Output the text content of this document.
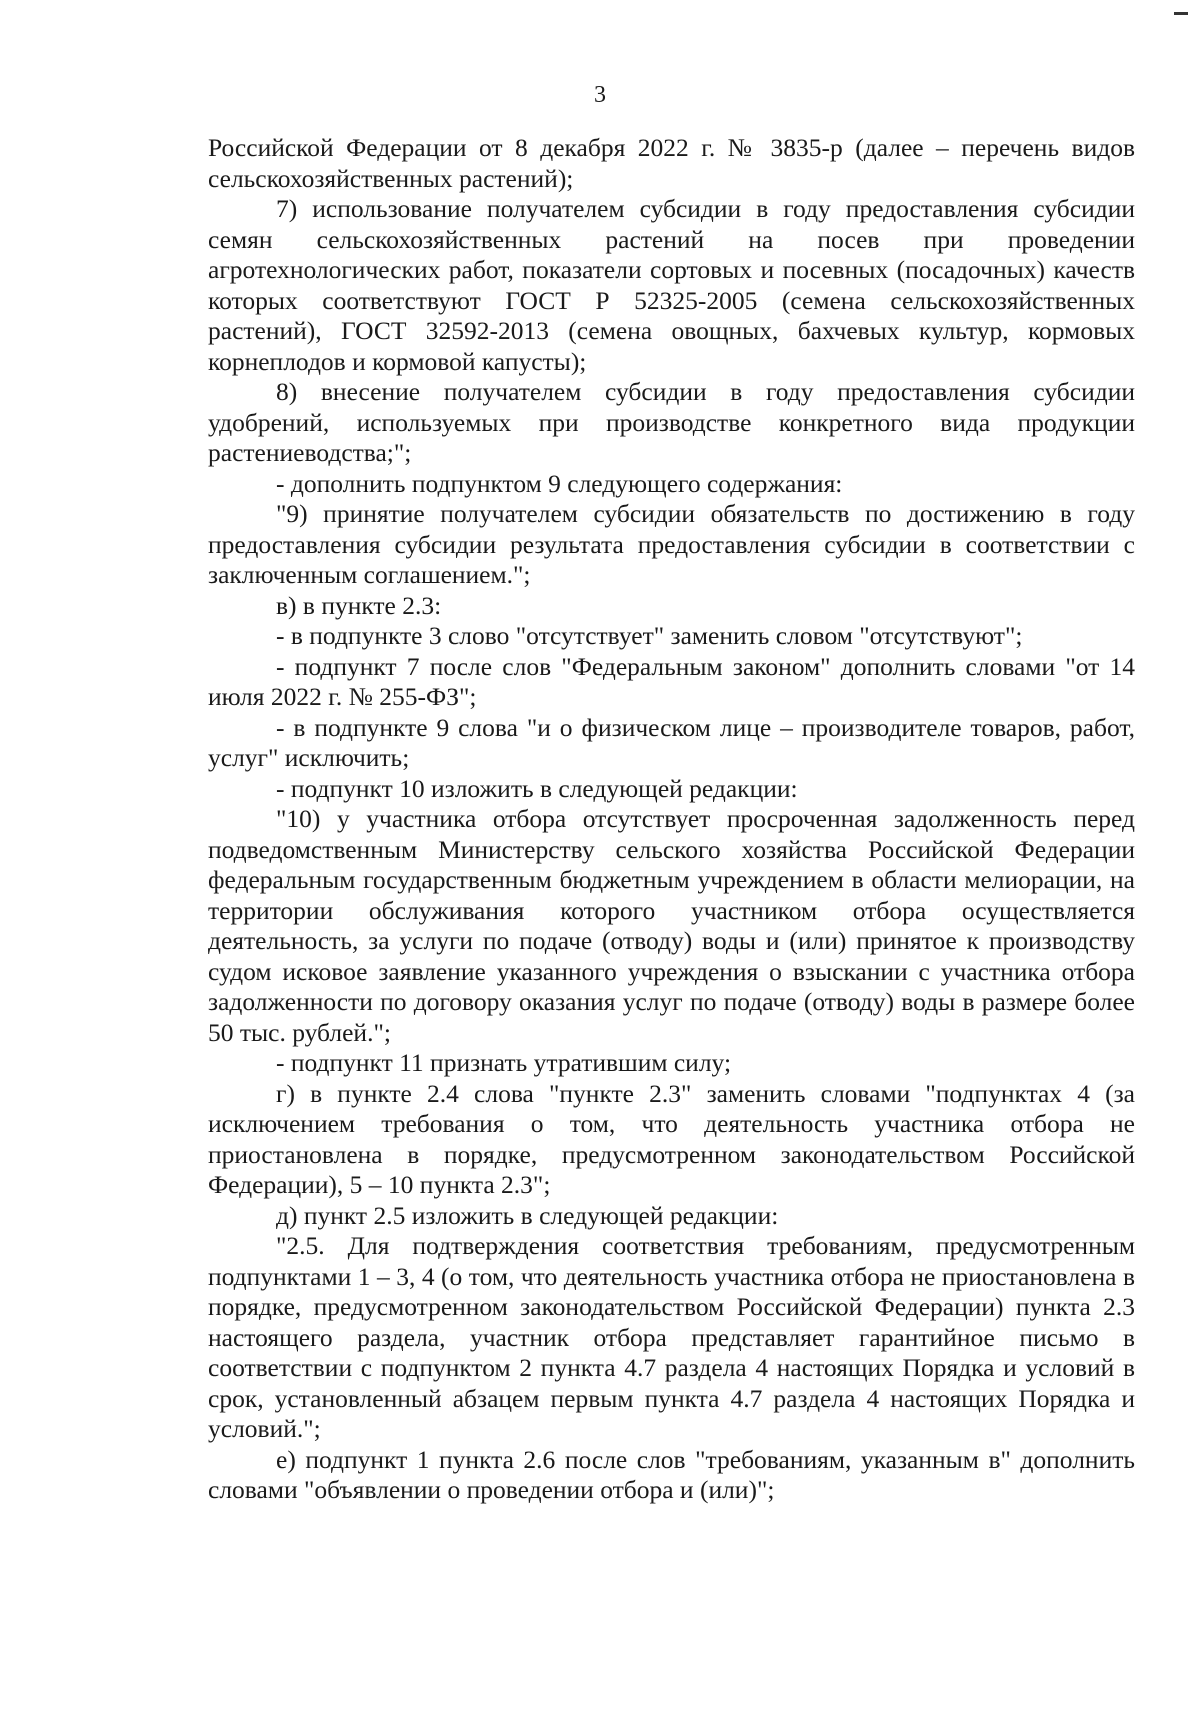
3

Российской Федерации от 8 декабря 2022 г. № 3835-р (далее – перечень видов сельскохозяйственных растений);

7) использование получателем субсидии в году предоставления субсидии семян сельскохозяйственных растений на посев при проведении агротехнологических работ, показатели сортовых и посевных (посадочных) качеств которых соответствуют ГОСТ Р 52325-2005 (семена сельскохозяйственных растений), ГОСТ 32592-2013 (семена овощных, бахчевых культур, кормовых корнеплодов и кормовой капусты);

8) внесение получателем субсидии в году предоставления субсидии удобрений, используемых при производстве конкретного вида продукции растениеводства;";

- дополнить подпунктом 9 следующего содержания:

"9) принятие получателем субсидии обязательств по достижению в году предоставления субсидии результата предоставления субсидии в соответствии с заключенным соглашением.";

в) в пункте 2.3:

- в подпункте 3 слово "отсутствует" заменить словом "отсутствуют";

- подпункт 7 после слов "Федеральным законом" дополнить словами "от 14 июля 2022 г. № 255-ФЗ";

- в подпункте 9 слова "и о физическом лице – производителе товаров, работ, услуг" исключить;

- подпункт 10 изложить в следующей редакции:

"10) у участника отбора отсутствует просроченная задолженность перед подведомственным Министерству сельского хозяйства Российской Федерации федеральным государственным бюджетным учреждением в области мелиорации, на территории обслуживания которого участником отбора осуществляется деятельность, за услуги по подаче (отводу) воды и (или) принятое к производству судом исковое заявление указанного учреждения о взыскании с участника отбора задолженности по договору оказания услуг по подаче (отводу) воды в размере более 50 тыс. рублей.";

- подпункт 11 признать утратившим силу;

г) в пункте 2.4 слова "пункте 2.3" заменить словами "подпунктах 4 (за исключением требования о том, что деятельность участника отбора не приостановлена в порядке, предусмотренном законодательством Российской Федерации), 5 – 10 пункта 2.3";

д) пункт 2.5 изложить в следующей редакции:

"2.5. Для подтверждения соответствия требованиям, предусмотренным подпунктами 1 – 3, 4 (о том, что деятельность участника отбора не приостановлена в порядке, предусмотренном законодательством Российской Федерации) пункта 2.3 настоящего раздела, участник отбора представляет гарантийное письмо в соответствии с подпунктом 2 пункта 4.7 раздела 4 настоящих Порядка и условий в срок, установленный абзацем первым пункта 4.7 раздела 4 настоящих Порядка и условий.";

е) подпункт 1 пункта 2.6 после слов "требованиям, указанным в" дополнить словами "объявлении о проведении отбора и (или)";
